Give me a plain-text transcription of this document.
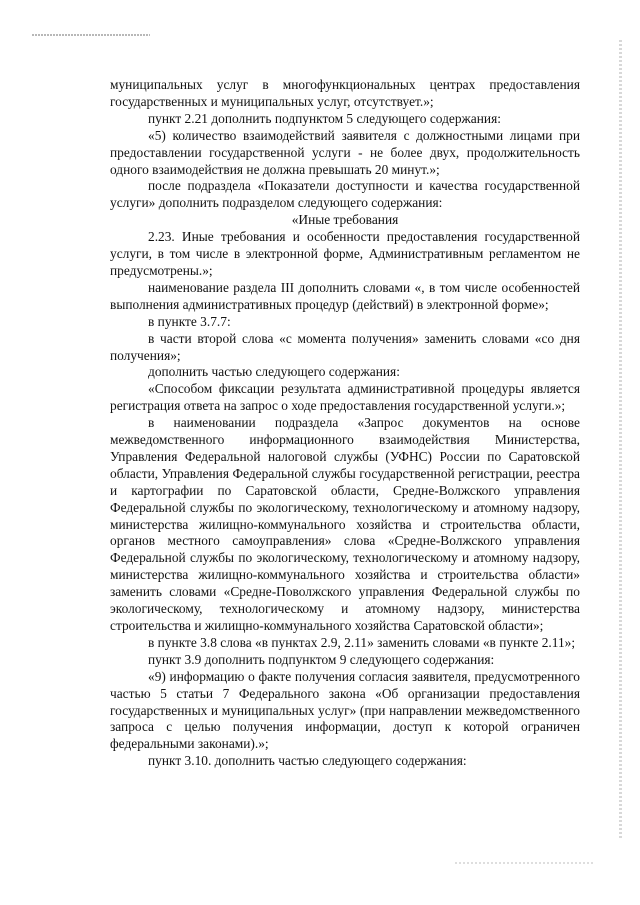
муниципальных услуг в многофункциональных центрах предоставления государственных и муниципальных услуг, отсутствует.»;

пункт 2.21 дополнить подпунктом 5 следующего содержания:

«5) количество взаимодействий заявителя с должностными лицами при предоставлении государственной услуги - не более двух, продолжительность одного взаимодействия не должна превышать 20 минут.»;

после подраздела «Показатели доступности и качества государственной услуги» дополнить подразделом следующего содержания:

«Иные требования

2.23. Иные требования и особенности предоставления государственной услуги, в том числе в электронной форме, Административным регламентом не предусмотрены.»;

наименование раздела III дополнить словами «, в том числе особенностей выполнения административных процедур (действий) в электронной форме»;

в пункте 3.7.7:

в части второй слова «с момента получения» заменить словами «со дня получения»;

дополнить частью следующего содержания:

«Способом фиксации результата административной процедуры является регистрация ответа на запрос о ходе предоставления государственной услуги.»;

в наименовании подраздела «Запрос документов на основе межведомственного информационного взаимодействия Министерства, Управления Федеральной налоговой службы (УФНС) России по Саратовской области, Управления Федеральной службы государственной регистрации, реестра и картографии по Саратовской области, Средне-Волжского управления Федеральной службы по экологическому, технологическому и атомному надзору, министерства жилищно-коммунального хозяйства и строительства области, органов местного самоуправления» слова «Средне-Волжского управления Федеральной службы по экологическому, технологическому и атомному надзору, министерства жилищно-коммунального хозяйства и строительства области» заменить словами «Средне-Поволжского управления Федеральной службы по экологическому, технологическому и атомному надзору, министерства строительства и жилищно-коммунального хозяйства Саратовской области»;

в пункте 3.8 слова «в пунктах 2.9, 2.11» заменить словами «в пункте 2.11»;

пункт 3.9 дополнить подпунктом 9 следующего содержания:

«9) информацию о факте получения согласия заявителя, предусмотренного частью 5 статьи 7 Федерального закона «Об организации предоставления государственных и муниципальных услуг» (при направлении межведомственного запроса с целью получения информации, доступ к которой ограничен федеральными законами).»;

пункт 3.10. дополнить частью следующего содержания:
